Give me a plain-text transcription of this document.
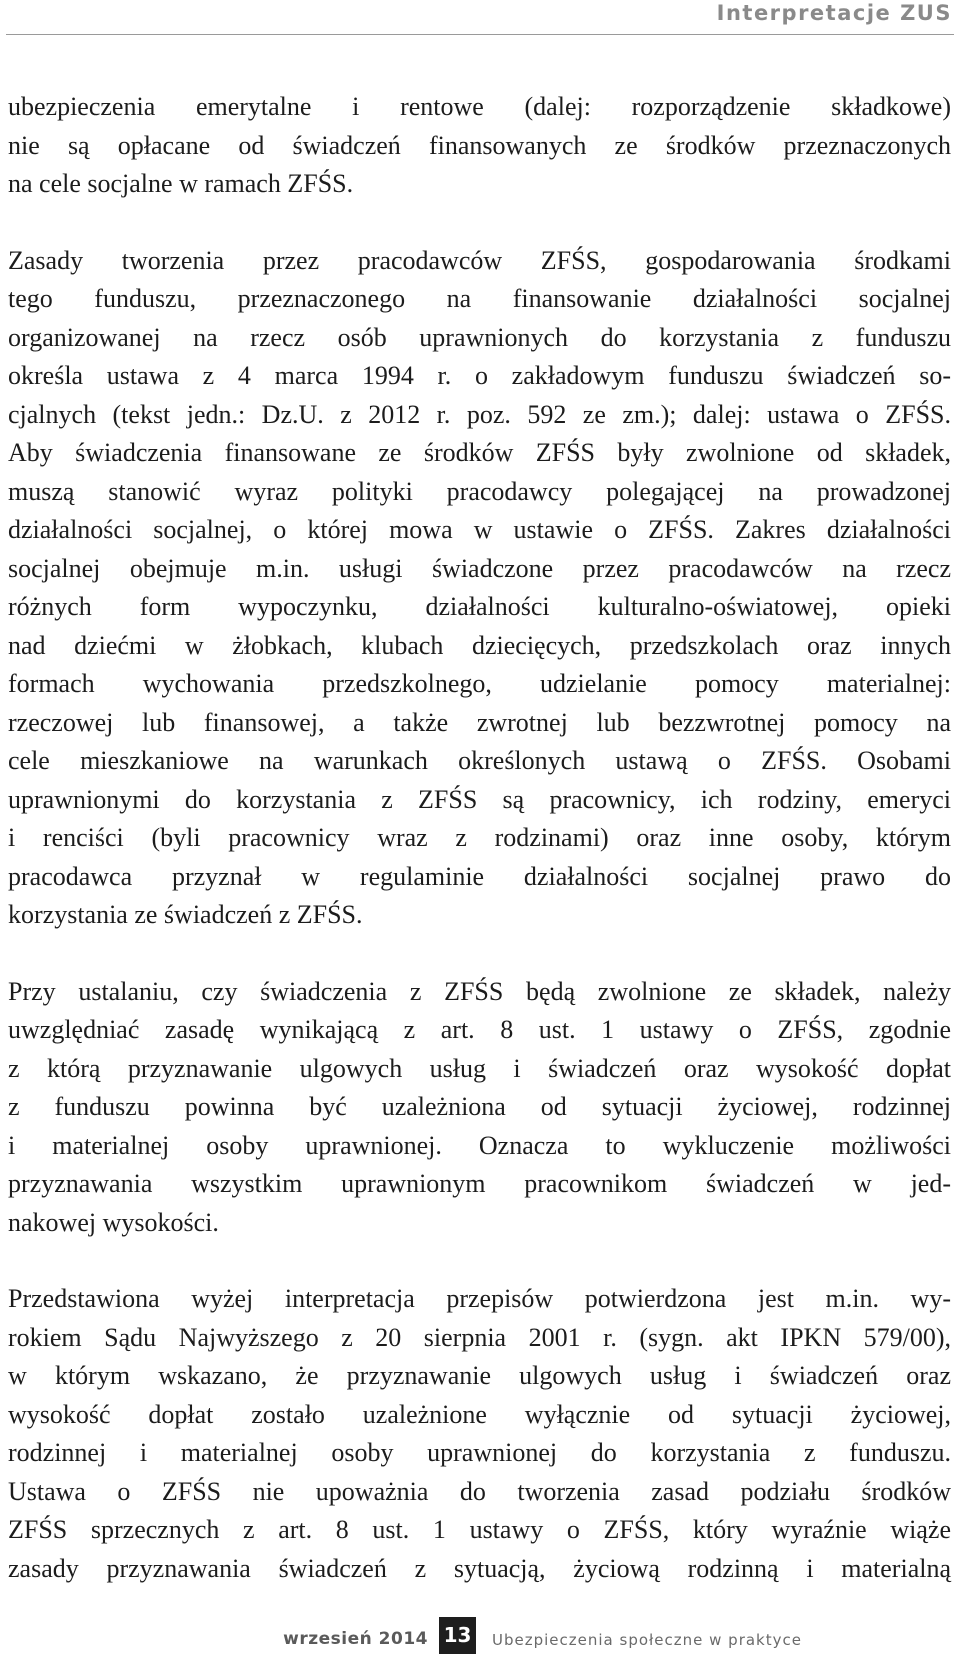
Interpretacje ZUS

ubezpieczenia emerytalne i rentowe (dalej: rozporządzenie składkowe)
nie są opłacane od świadczeń finansowanych ze środków przeznaczonych
na cele socjalne w ramach ZFŚS.

Zasady tworzenia przez pracodawców ZFŚS, gospodarowania środkami
tego funduszu, przeznaczonego na finansowanie działalności socjalnej
organizowanej na rzecz osób uprawnionych do korzystania z funduszu
określa ustawa z 4 marca 1994 r. o zakładowym funduszu świadczeń so-
cjalnych (tekst jedn.: Dz.U. z 2012 r. poz. 592 ze zm.); dalej: ustawa o ZFŚS.
Aby świadczenia finansowane ze środków ZFŚS były zwolnione od składek,
muszą stanowić wyraz polityki pracodawcy polegającej na prowadzonej
działalności socjalnej, o której mowa w ustawie o ZFŚS. Zakres działalności
socjalnej obejmuje m.in. usługi świadczone przez pracodawców na rzecz
różnych form wypoczynku, działalności kulturalno-oświatowej, opieki
nad dziećmi w żłobkach, klubach dziecięcych, przedszkolach oraz innych
formach wychowania przedszkolnego, udzielanie pomocy materialnej:
rzeczowej lub finansowej, a także zwrotnej lub bezzwrotnej pomocy na
cele mieszkaniowe na warunkach określonych ustawą o ZFŚS. Osobami
uprawnionymi do korzystania z ZFŚS są pracownicy, ich rodziny, emeryci
i renciści (byli pracownicy wraz z rodzinami) oraz inne osoby, którym
pracodawca przyznał w regulaminie działalności socjalnej prawo do
korzystania ze świadczeń z ZFŚS.

Przy ustalaniu, czy świadczenia z ZFŚS będą zwolnione ze składek, należy
uwzględniać zasadę wynikającą z art. 8 ust. 1 ustawy o ZFŚS, zgodnie
z którą przyznawanie ulgowych usług i świadczeń oraz wysokość dopłat
z funduszu powinna być uzależniona od sytuacji życiowej, rodzinnej
i materialnej osoby uprawnionej. Oznacza to wykluczenie możliwości
przyznawania wszystkim uprawnionym pracownikom świadczeń w jed-
nakowej wysokości.

Przedstawiona wyżej interpretacja przepisów potwierdzona jest m.in. wy-
rokiem Sądu Najwyższego z 20 sierpnia 2001 r. (sygn. akt IPKN 579/00),
w którym wskazano, że przyznawanie ulgowych usług i świadczeń oraz
wysokość dopłat zostało uzależnione wyłącznie od sytuacji życiowej,
rodzinnej i materialnej osoby uprawnionej do korzystania z funduszu.
Ustawa o ZFŚS nie upoważnia do tworzenia zasad podziału środków
ZFŚS sprzecznych z art. 8 ust. 1 ustawy o ZFŚS, który wyraźnie wiąże
zasady przyznawania świadczeń z sytuacją, życiową rodzinną i materialną

wrzesień 2014 13	Ubezpieczenia społeczne w praktyce
